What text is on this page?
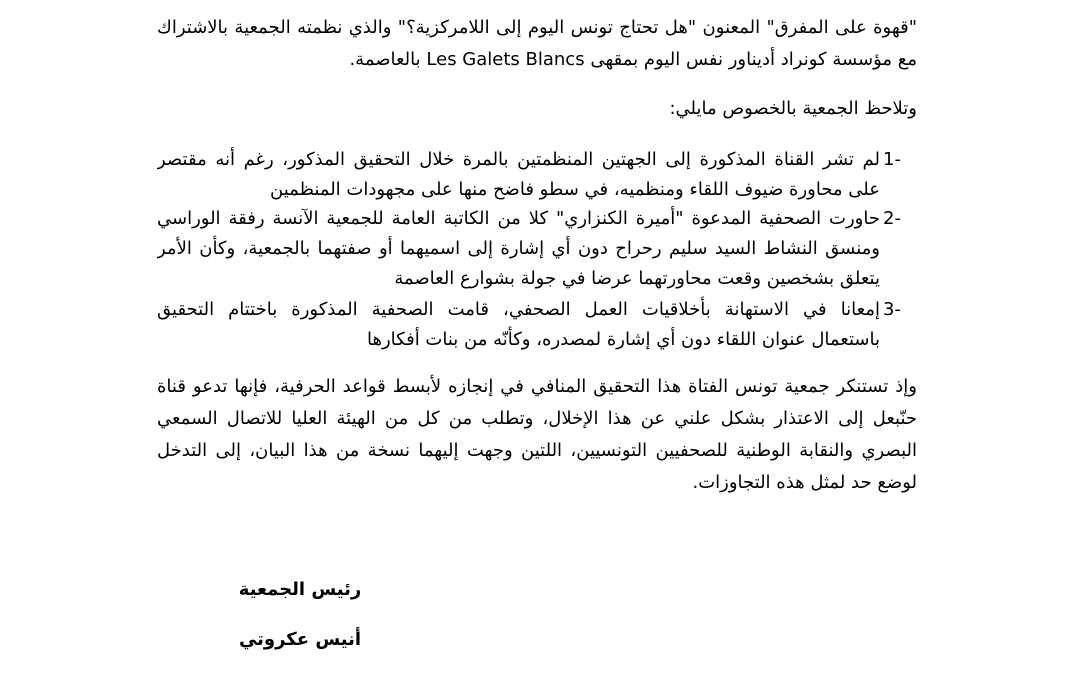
"قهوة على المفرق" المعنون "هل تحتاج تونس اليوم إلى اللامركزية؟" والذي نظمته الجمعية بالاشتراك
مع مؤسسة كونراد أديناور نفس اليوم بمقهى Les Galets Blancs بالعاصمة.
وتلاحظ الجمعية بالخصوص مايلي:
1-
لم تشر القناة المذكورة إلى الجهتين المنظمتين بالمرة خلال التحقيق المذكور، رغم أنه مقتصر
على محاورة ضيوف اللقاء ومنظميه، في سطو فاضح منها على مجهودات المنظمين
2-
حاورت الصحفية المدعوة "أميرة الكنزاري" كلا من الكاتبة العامة للجمعية الآنسة رفقة الوراسي
ومنسق النشاط السيد سليم رحراح دون أي إشارة إلى اسميهما أو صفتهما بالجمعية، وكأن الأمر
يتعلق بشخصين وقعت محاورتهما عرضا في جولة بشوارع العاصمة
3-
إمعانا في الاستهانة بأخلاقيات العمل الصحفي، قامت الصحفية المذكورة باختتام التحقيق
باستعمال عنوان اللقاء دون أي إشارة لمصدره، وكأنّه من بنات أفكارها
وإذ تستنكر جمعية تونس الفتاة هذا التحقيق المنافي في إنجازه لأبسط قواعد الحرفية، فإنها تدعو قناة
حنّبعل إلى الاعتذار بشكل علني عن هذا الإخلال، وتطلب من كل من الهيئة العليا للاتصال السمعي
البصري والنقابة الوطنية للصحفيين التونسيين، اللتين وجهت إليهما نسخة من هذا البيان، إلى التدخل
لوضع حد لمثل هذه التجاوزات.
رئيس الجمعية
أنيس عكروتي
